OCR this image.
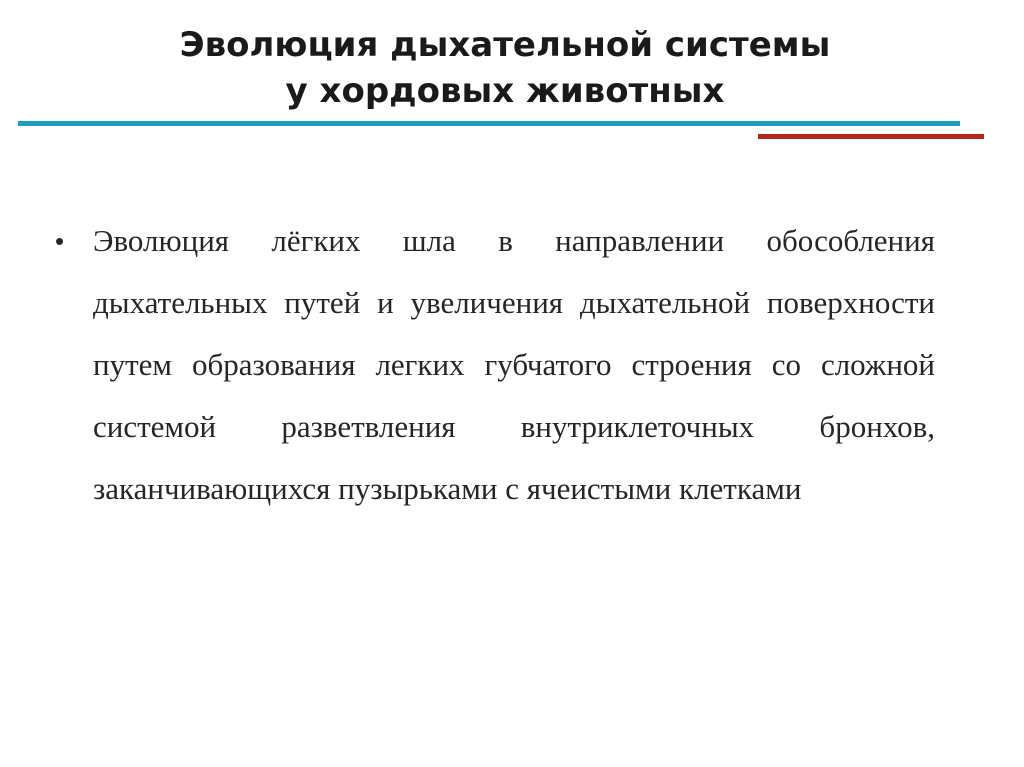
Эволюция дыхательной системы
у хордовых животных
• Эволюция лёгких шла в направлении обособления дыхательных путей и увеличения дыхательной поверхности путем образования легких губчатого строения со сложной системой разветвления внутриклеточных бронхов, заканчивающихся пузырьками с ячеистыми клетками
